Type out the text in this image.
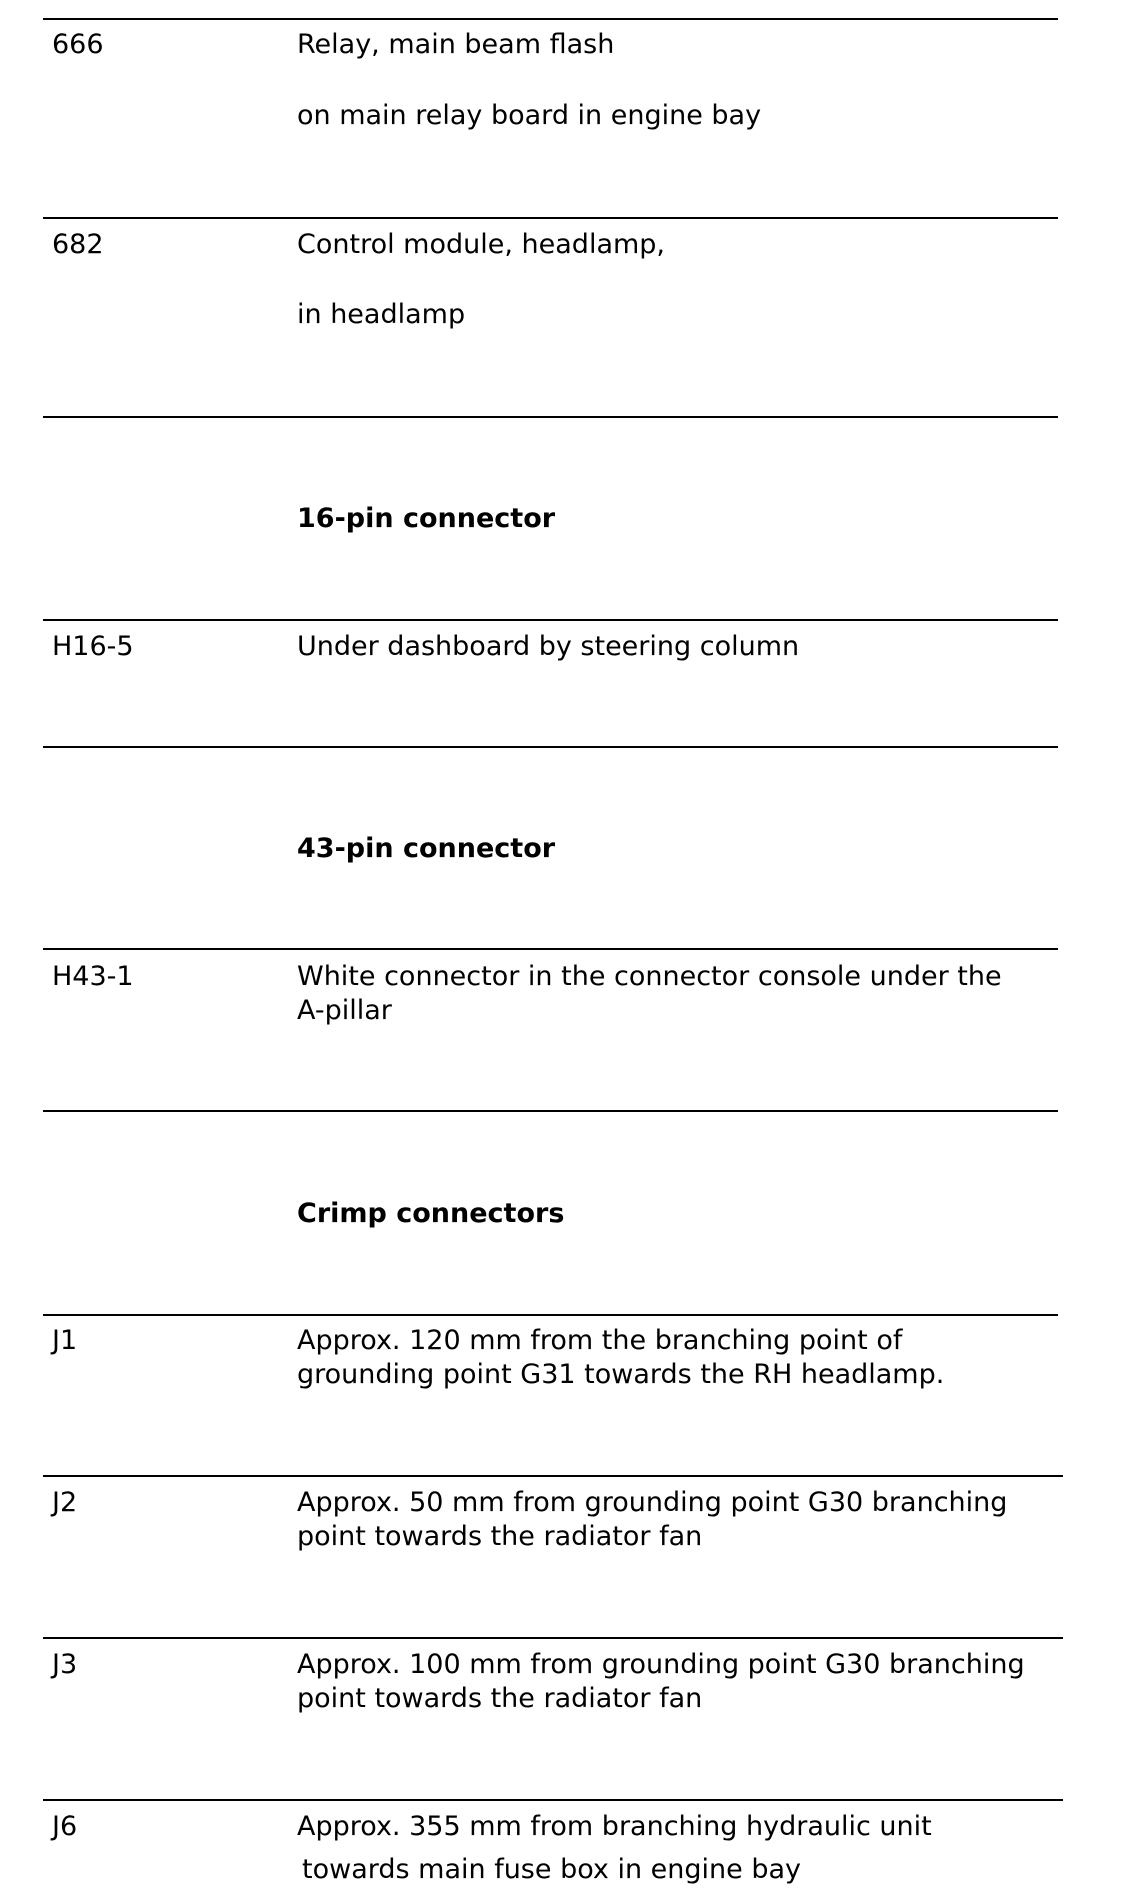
666	Relay, main beam flash
on main relay board in engine bay
682	Control module, headlamp,
in headlamp
16-pin connector
H16-5	Under dashboard by steering column
43-pin connector
H43-1	White connector in the connector console under the
A-pillar
Crimp connectors
J1	Approx. 120 mm from the branching point of
grounding point G31 towards the RH headlamp.
J2	Approx. 50 mm from grounding point G30 branching
point towards the radiator fan
J3	Approx. 100 mm from grounding point G30 branching
point towards the radiator fan
J6	Approx. 355 mm from branching hydraulic unit
towards main fuse box in engine bay
